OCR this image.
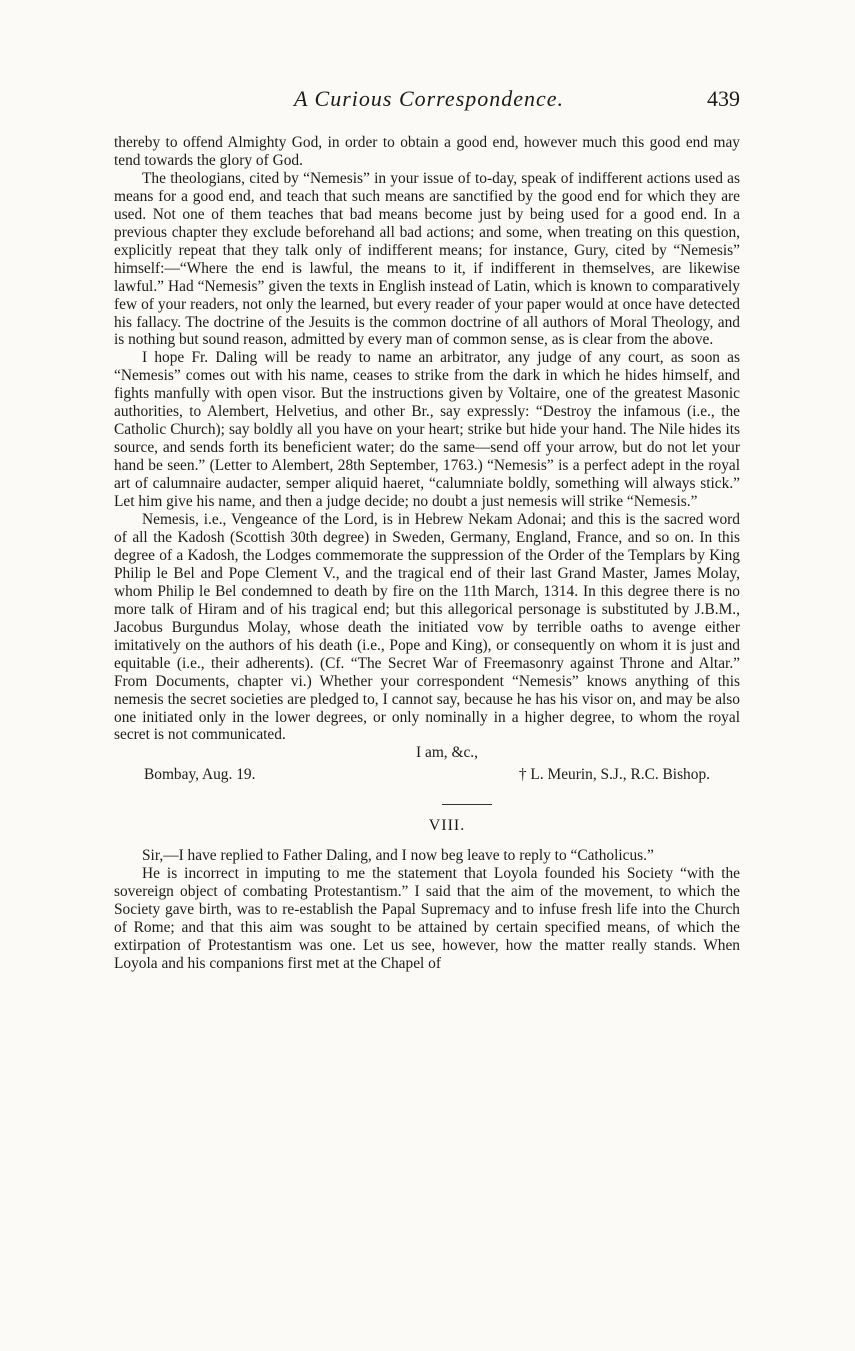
A Curious Correspondence.	439

thereby to offend Almighty God, in order to obtain a good end, however much this good end may tend towards the glory of God.

The theologians, cited by “Nemesis” in your issue of to-day, speak of indifferent actions used as means for a good end, and teach that such means are sanctified by the good end for which they are used. Not one of them teaches that bad means become just by being used for a good end. In a previous chapter they exclude beforehand all bad actions; and some, when treating on this question, explicitly repeat that they talk only of indifferent means; for instance, Gury, cited by “Nemesis” himself:—“Where the end is lawful, the means to it, if indifferent in themselves, are likewise lawful.” Had “Nemesis” given the texts in English instead of Latin, which is known to comparatively few of your readers, not only the learned, but every reader of your paper would at once have detected his fallacy. The doctrine of the Jesuits is the common doctrine of all authors of Moral Theology, and is nothing but sound reason, admitted by every man of common sense, as is clear from the above.

I hope Fr. Daling will be ready to name an arbitrator, any judge of any court, as soon as “Nemesis” comes out with his name, ceases to strike from the dark in which he hides himself, and fights manfully with open visor. But the instructions given by Voltaire, one of the greatest Masonic authorities, to Alembert, Helvetius, and other Br., say expressly: “Destroy the infamous (i.e., the Catholic Church); say boldly all you have on your heart; strike but hide your hand. The Nile hides its source, and sends forth its beneficient water; do the same—send off your arrow, but do not let your hand be seen.” (Letter to Alembert, 28th September, 1763.) “Nemesis” is a perfect adept in the royal art of calumnaire audacter, semper aliquid haeret, “calumniate boldly, something will always stick.” Let him give his name, and then a judge decide; no doubt a just nemesis will strike “Nemesis.”

Nemesis, i.e., Vengeance of the Lord, is in Hebrew Nekam Adonai; and this is the sacred word of all the Kadosh (Scottish 30th degree) in Sweden, Germany, England, France, and so on. In this degree of a Kadosh, the Lodges commemorate the suppression of the Order of the Templars by King Philip le Bel and Pope Clement V., and the tragical end of their last Grand Master, James Molay, whom Philip le Bel condemned to death by fire on the 11th March, 1314. In this degree there is no more talk of Hiram and of his tragical end; but this allegorical personage is substituted by J.B.M., Jacobus Burgundus Molay, whose death the initiated vow by terrible oaths to avenge either imitatively on the authors of his death (i.e., Pope and King), or consequently on whom it is just and equitable (i.e., their adherents). (Cf. “The Secret War of Freemasonry against Throne and Altar.” From Documents, chapter vi.) Whether your correspondent “Nemesis” knows anything of this nemesis the secret societies are pledged to, I cannot say, because he has his visor on, and may be also one initiated only in the lower degrees, or only nominally in a higher degree, to whom the royal secret is not communicated.

I am, &c.,

Bombay, Aug. 19.	† L. Meurin, S.J., R.C. Bishop.
VIII.

Sir,—I have replied to Father Daling, and I now beg leave to reply to “Catholicus.”

He is incorrect in imputing to me the statement that Loyola founded his Society “with the sovereign object of combating Protestantism.” I said that the aim of the movement, to which the Society gave birth, was to re-establish the Papal Supremacy and to infuse fresh life into the Church of Rome; and that this aim was sought to be attained by certain specified means, of which the extirpation of Protestantism was one. Let us see, however, how the matter really stands. When Loyola and his companions first met at the Chapel of
